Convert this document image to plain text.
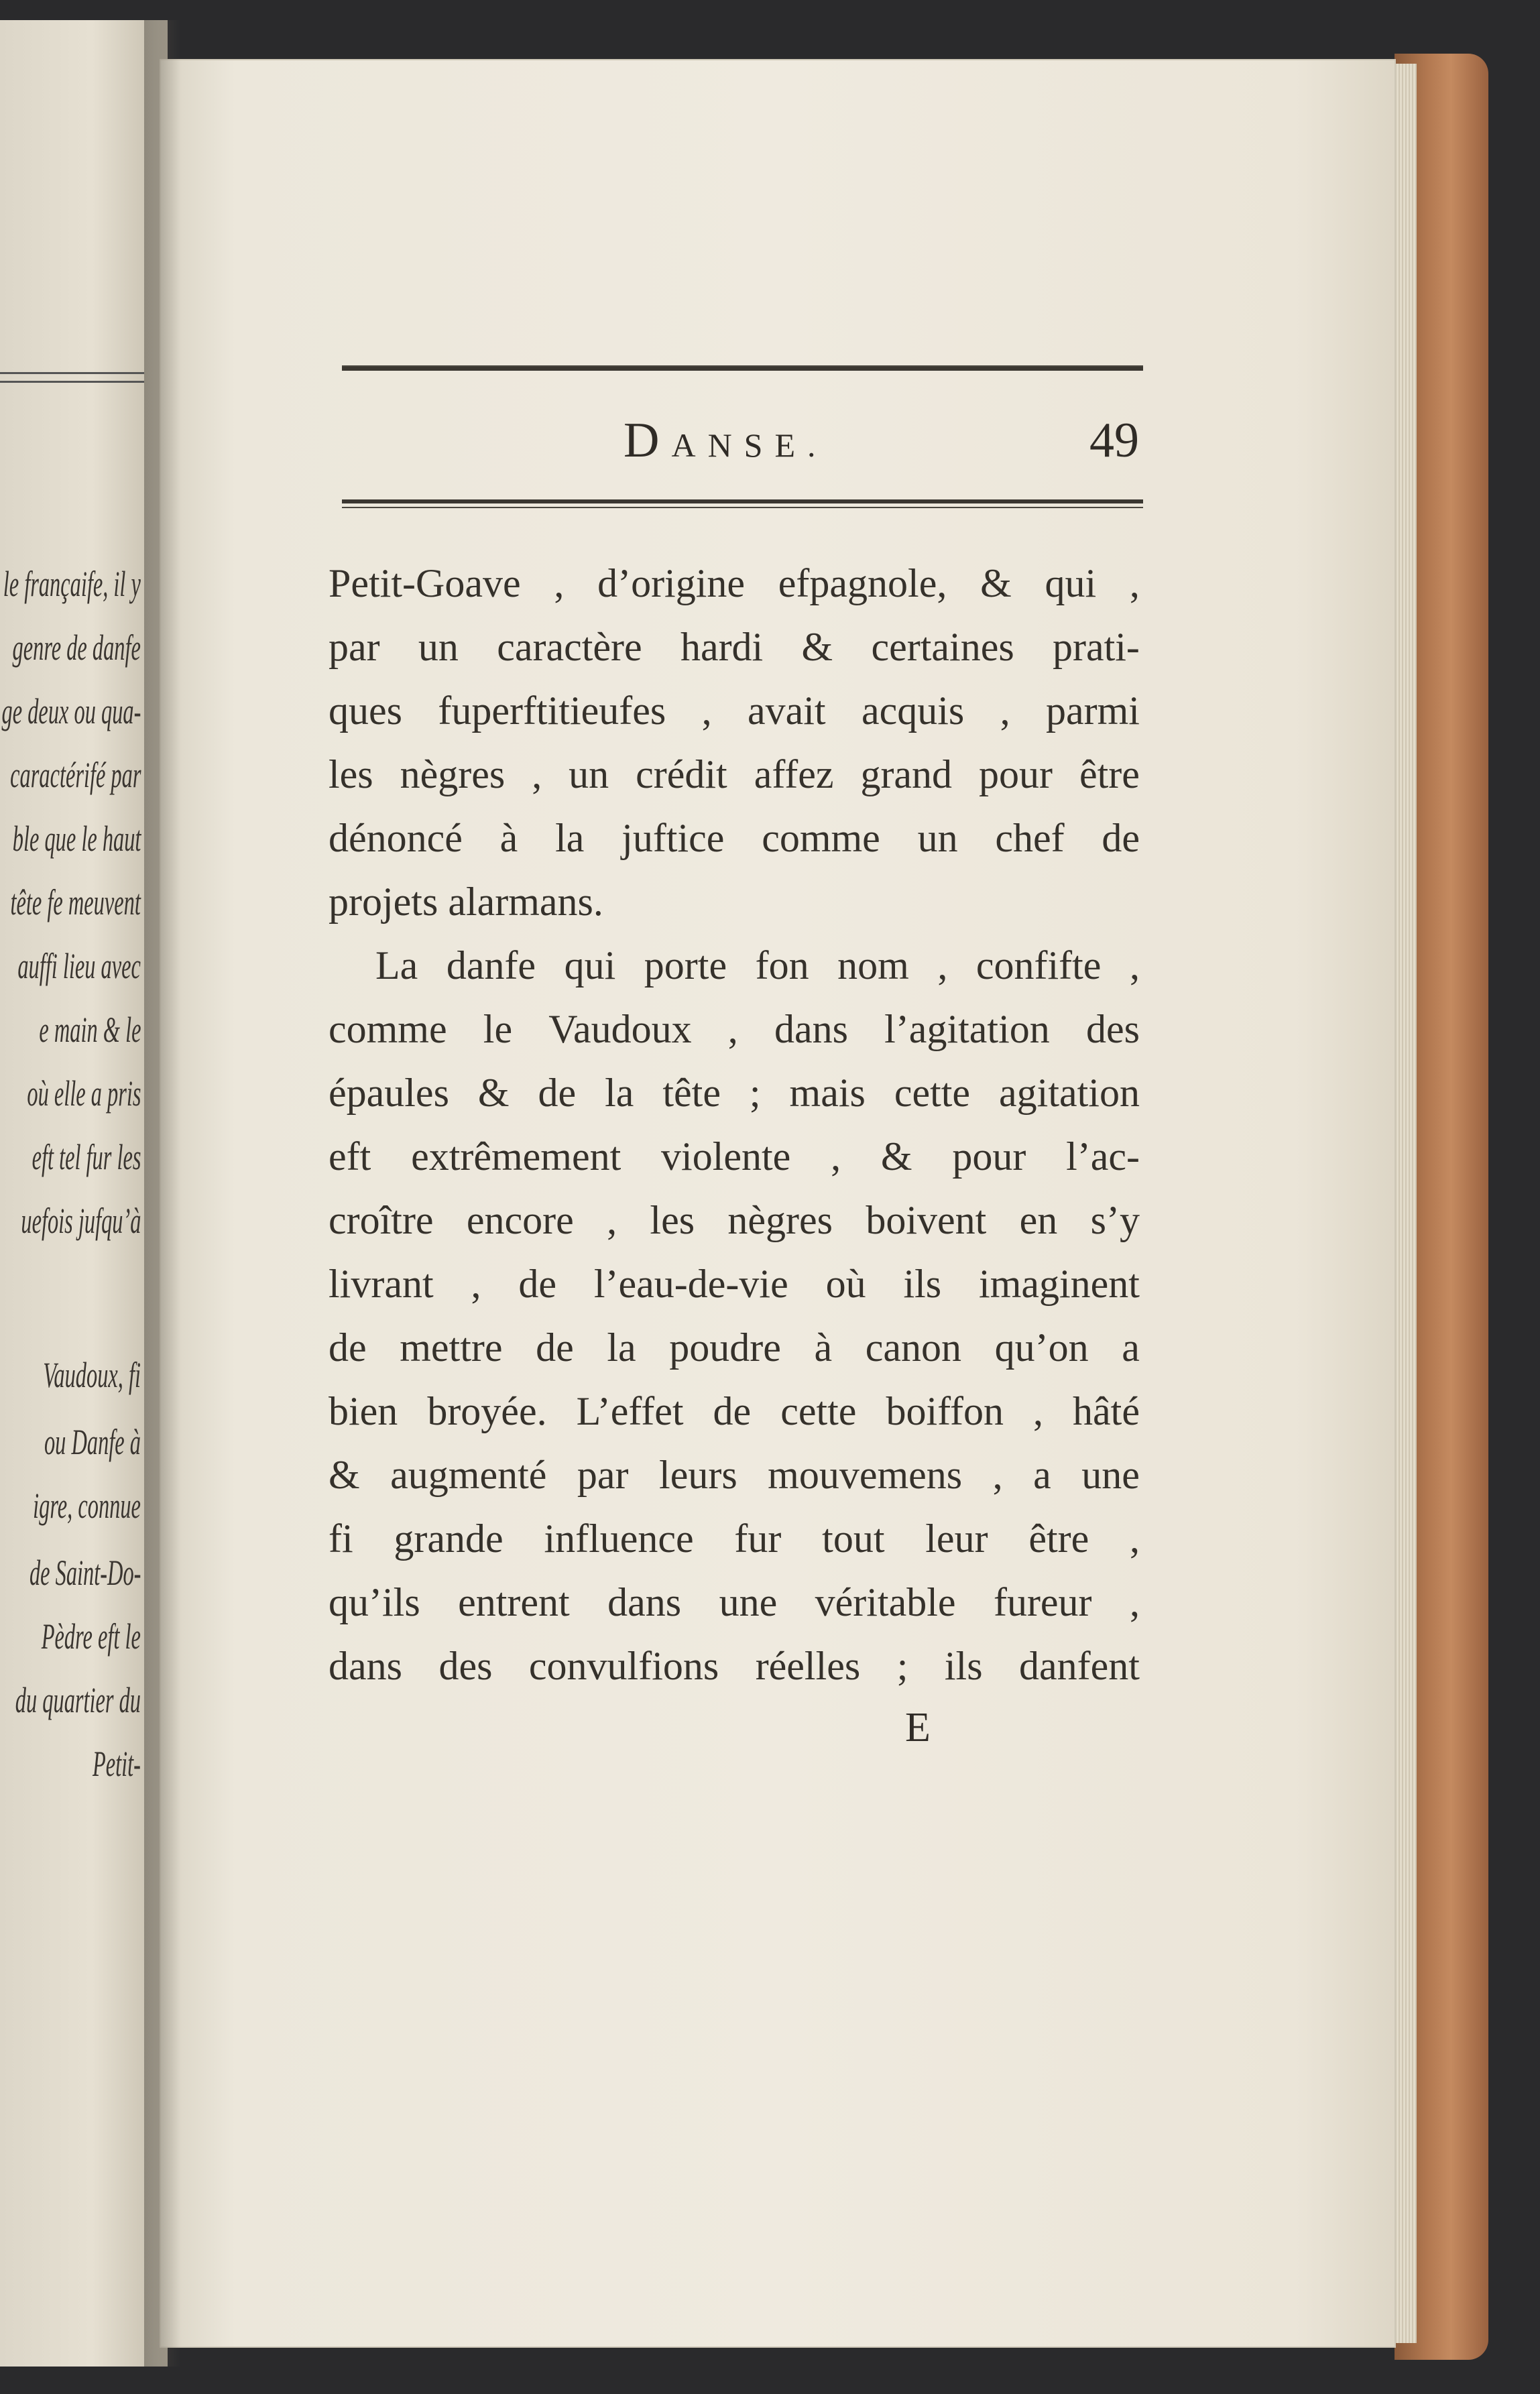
le françaife, il y
genre de danfe
ge deux ou qua-
caractérifé par
ble que le haut
tête fe meuvent
auffi lieu avec
e main & le
où elle a pris
eft tel fur les
uefois jufqu’à
Vaudoux, fi
ou Danfe à
igre, connue
de Saint-Do-
Pèdre eft le
du quartier du
Petit-
DANSE.	49
Petit-Goave , d’origine efpagnole, & qui ,
par un caractère hardi & certaines prati-
ques fuperftitieufes , avait acquis , parmi
les nègres , un crédit affez grand pour être
dénoncé à la juftice comme un chef de
projets alarmans.
La danfe qui porte fon nom , confifte ,
comme le Vaudoux , dans l’agitation des
épaules & de la tête ; mais cette agitation
eft extrêmement violente , & pour l’ac-
croître encore , les nègres boivent en s’y
livrant , de l’eau-de-vie où ils imaginent
de mettre de la poudre à canon qu’on a
bien broyée. L’effet de cette boiffon , hâté
& augmenté par leurs mouvemens , a une
fi grande influence fur tout leur être ,
qu’ils entrent dans une véritable fureur ,
dans des convulfions réelles ; ils danfent
E
